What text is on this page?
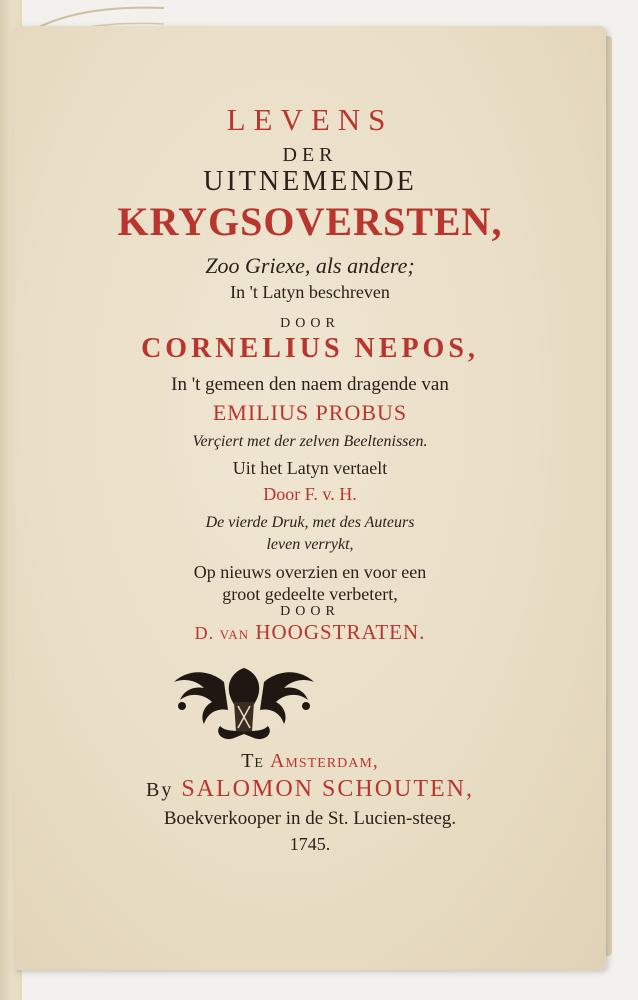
LEVENS
DER
UITNEMENDE
KRYGSOVERSTEN,
Zoo Griexe, als andere;
In 't Latyn beschreven
DOOR
CORNELIUS NEPOS,
In 't gemeen den naem dragende van
EMILIUS PROBUS
Verçiert met der zelven Beeltenissen.
Uit het Latyn vertaelt
Door F. v. H.
De vierde Druk, met des Auteurs
leven verrykt,
Op nieuws overzien en voor een
groot gedeelte verbetert,
DOOR
D. van HOOGSTRATEN.
Te Amsterdam,
By SALOMON SCHOUTEN,
Boekverkooper in de St. Lucien-steeg.
1745.
